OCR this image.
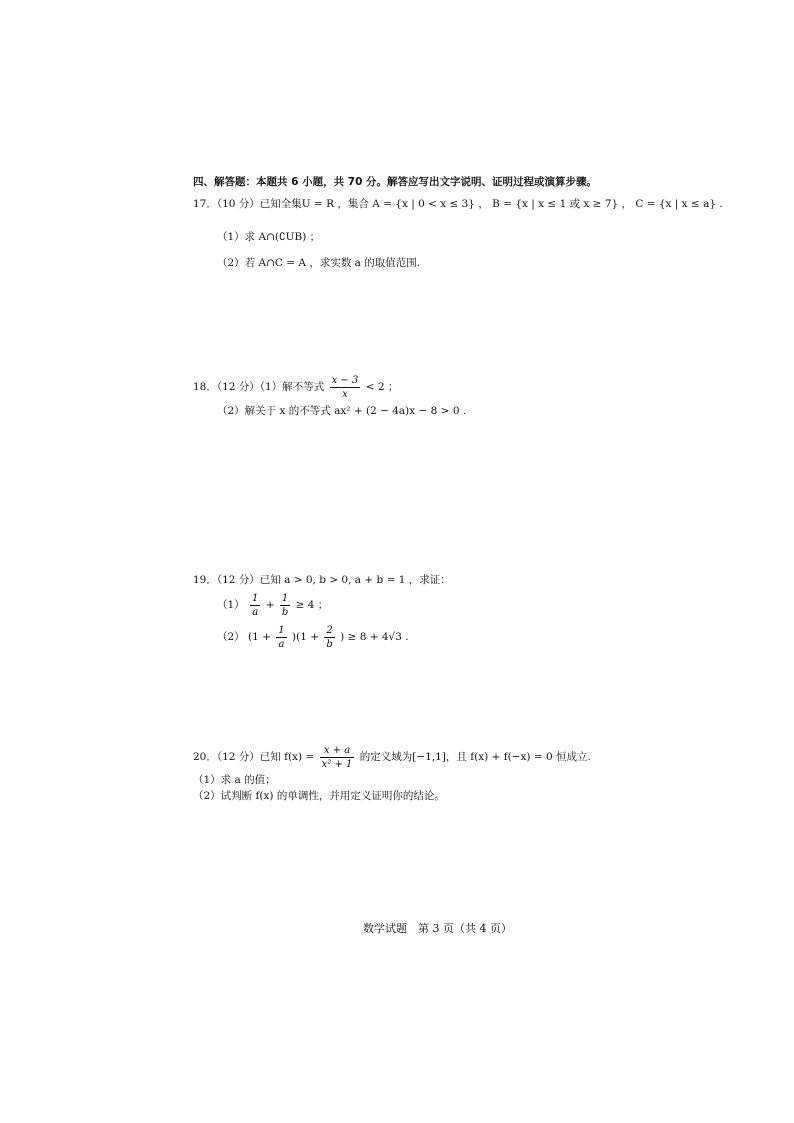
四、解答题：本题共 6 小题，共 70 分。解答应写出文字说明、证明过程或演算步骤。
17．（10 分）已知全集U = R ，集合 A = {x | 0 < x ≤ 3} ， B = {x | x ≤ 1 或 x ≥ 7} ， C = {x | x ≤ a} .
（1）求 A∩(∁UB) ；
（2）若 A∩C = A ，求实数 a 的取值范围.
18．（12 分）（1）解不等式 $\frac{x - 3}{x} < 2$ ；
（2）解关于 x 的不等式 ax² + (2 − 4a)x − 8 > 0 .
19．（12 分）已知 a > 0, b > 0, a + b = 1 ，求证：
$(1) \frac{1}{a} + \frac{1}{b} \ge 4$ ；
（2） $(1 + \frac{1}{a} )(1 + \frac{2}{b}$ ) ≥ 8 + 4√3 .
20．（12 分）已知 $f(x) = \frac{x + a}{\text{x² + 1}}$ 的定义域为[−1,1]，且 f(x) + f(−x) = 0 恒成立.
（1）求 a 的值；
（2）试判断 f(x) 的单调性，并用定义证明你的结论。
数学试题　第 3 页（共 4 页）
